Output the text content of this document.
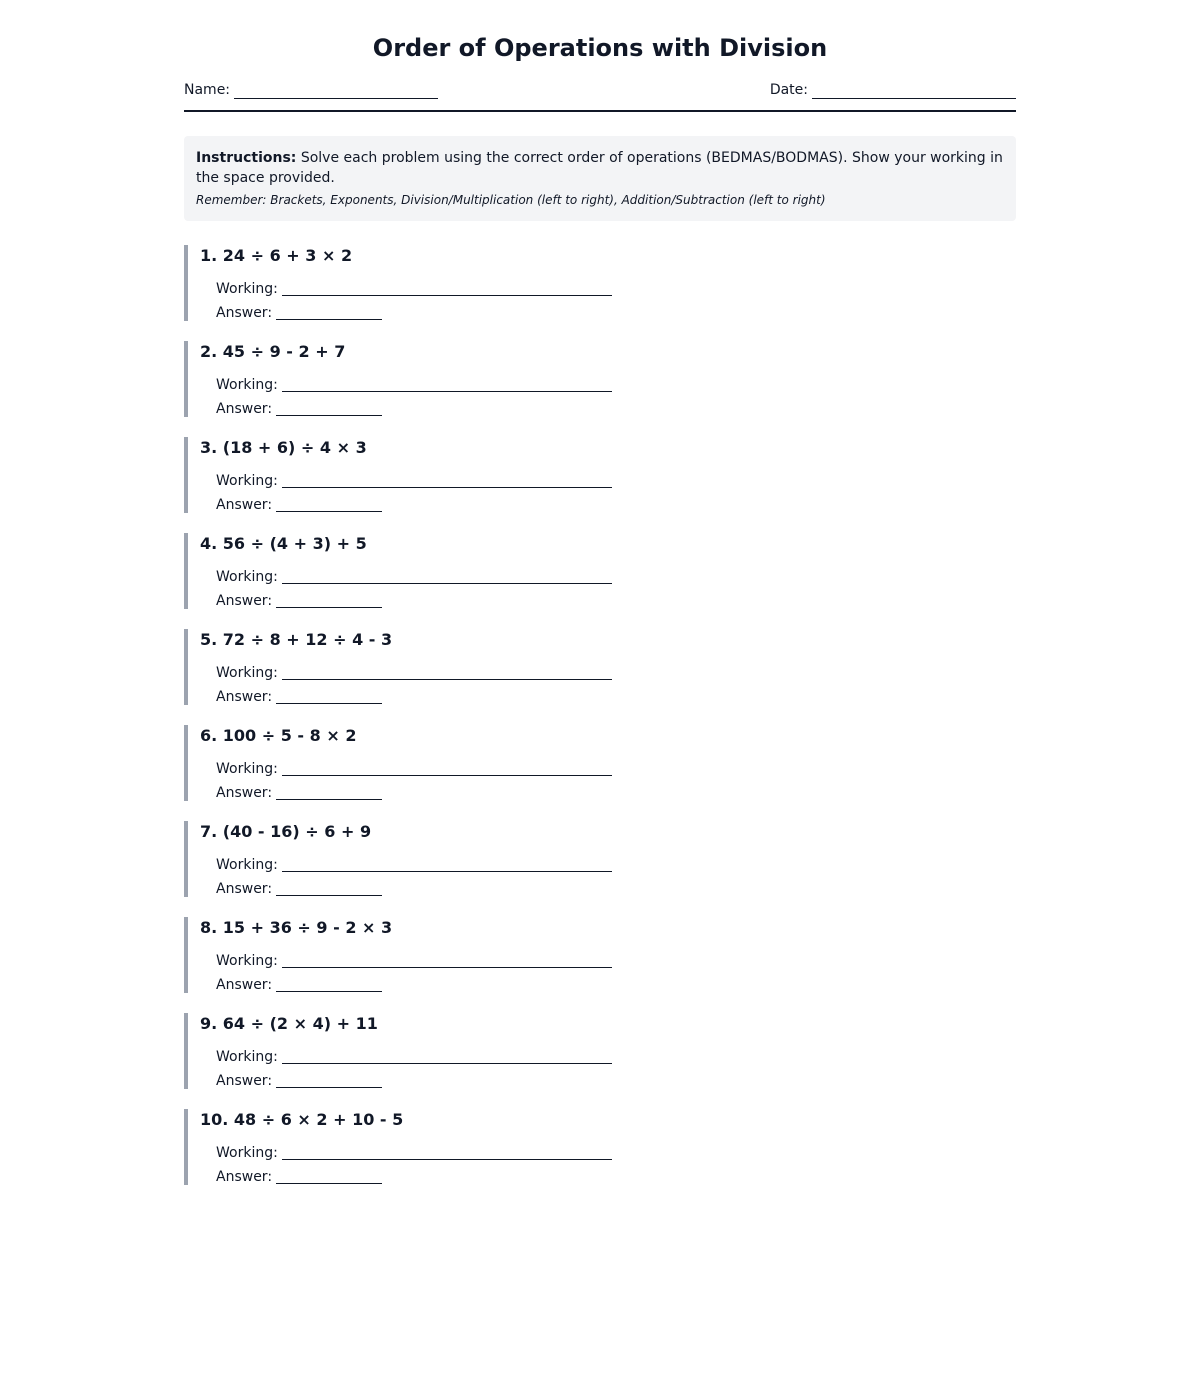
Order of Operations with Division
Name:	Date:
Instructions: Solve each problem using the correct order of operations (BEDMAS/BODMAS). Show your working in the space provided.
Remember: Brackets, Exponents, Division/Multiplication (left to right), Addition/Subtraction (left to right)
1. 24 ÷ 6 + 3 × 2
Working:
Answer:
2. 45 ÷ 9 - 2 + 7
Working:
Answer:
3. (18 + 6) ÷ 4 × 3
Working:
Answer:
4. 56 ÷ (4 + 3) + 5
Working:
Answer:
5. 72 ÷ 8 + 12 ÷ 4 - 3
Working:
Answer:
6. 100 ÷ 5 - 8 × 2
Working:
Answer:
7. (40 - 16) ÷ 6 + 9
Working:
Answer:
8. 15 + 36 ÷ 9 - 2 × 3
Working:
Answer:
9. 64 ÷ (2 × 4) + 11
Working:
Answer:
10. 48 ÷ 6 × 2 + 10 - 5
Working:
Answer:
